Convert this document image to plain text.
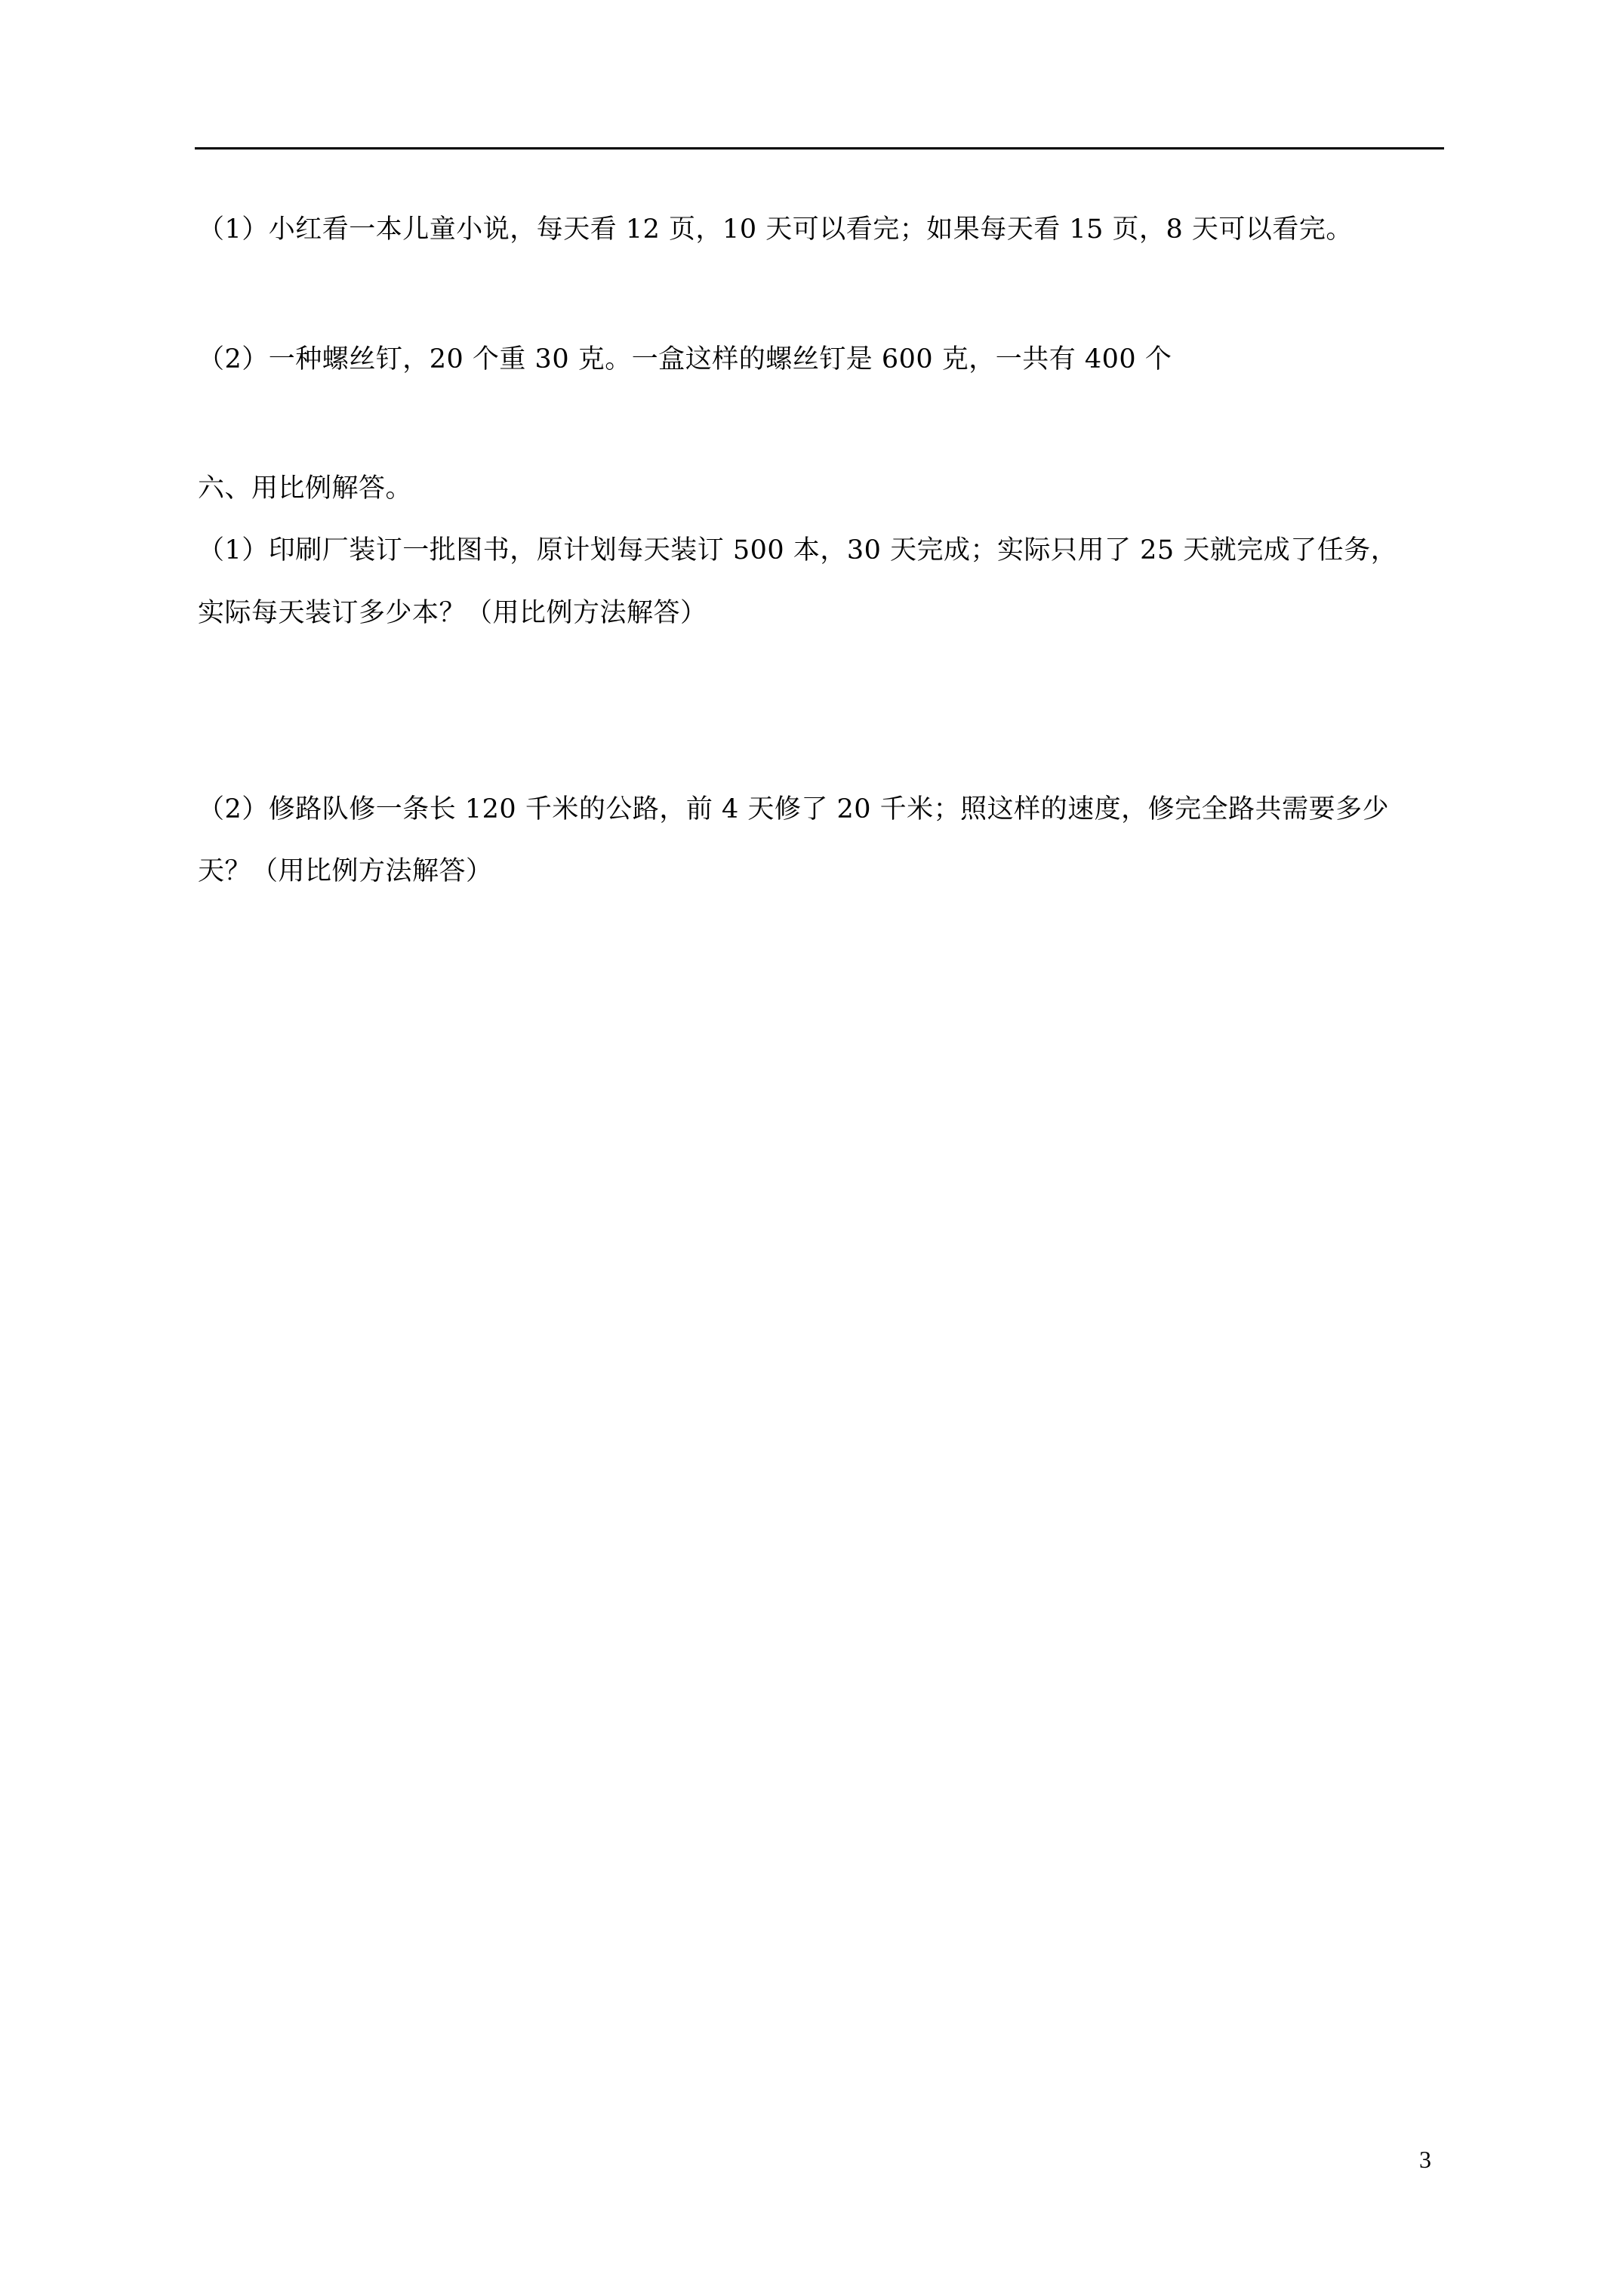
（1）小红看一本儿童小说，每天看 12 页，10 天可以看完；如果每天看 15 页，8 天可以看完。
（2）一种螺丝钉，20 个重 30 克。一盒这样的螺丝钉是 600 克，一共有 400 个
六、用比例解答。
（1）印刷厂装订一批图书，原计划每天装订 500 本，30 天完成；实际只用了 25 天就完成了任务，
实际每天装订多少本？（用比例方法解答）
（2）修路队修一条长 120 千米的公路，前 4 天修了 20 千米；照这样的速度，修完全路共需要多少
天？（用比例方法解答）
3
